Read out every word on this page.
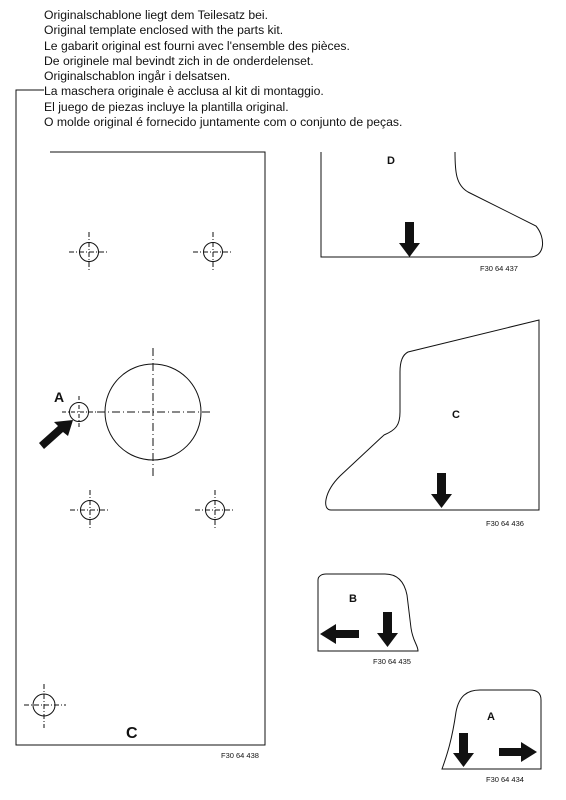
Originalschablone liegt dem Teilesatz bei.
Original template enclosed with the parts kit.
Le gabarit original est fourni avec l'ensemble des pièces.
De originele mal bevindt zich in de onderdelenset.
Originalschablon ingår i delsatsen.
La maschera originale è acclusa al kit di montaggio.
El juego de piezas incluye la plantilla original.
O molde original é fornecido juntamente com o conjunto de peças.
A
C
F30 64 438
D
F30 64 437
C
F30 64 436
B
F30 64 435
A
F30 64 434
